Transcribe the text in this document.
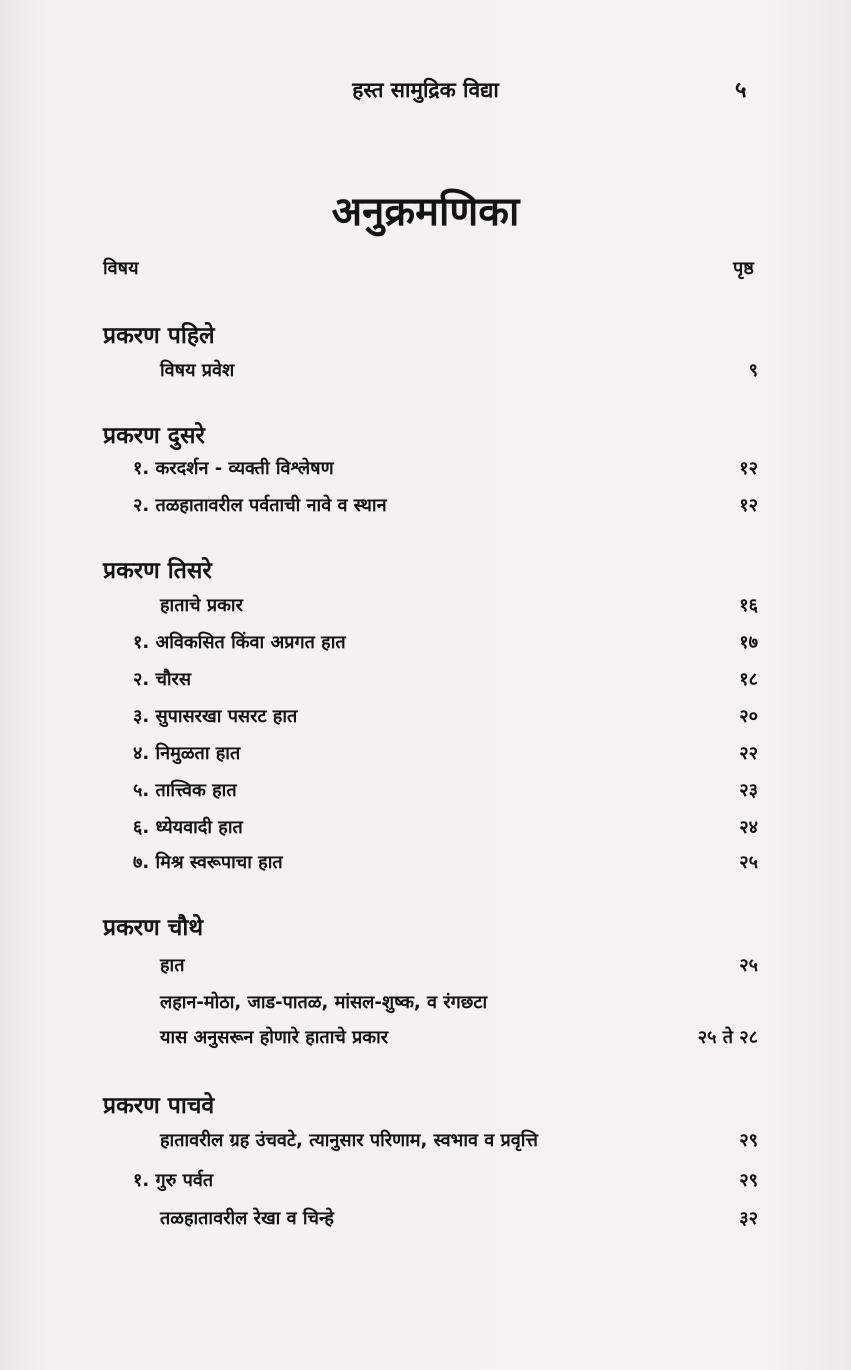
हस्त सामुद्रिक विद्या	५
अनुक्रमणिका
विषय	पृष्ठ
प्रकरण पहिले
विषय प्रवेश	९
प्रकरण दुसरे
१. करदर्शन - व्यक्ती विश्लेषण	१२
२. तळहातावरील पर्वताची नावे व स्थान	१२
प्रकरण तिसरे
हाताचे प्रकार	१६
१. अविकसित किंवा अप्रगत हात	१७
२. चौरस	१८
३. सुपासरखा पसरट हात	२०
४. निमुळता हात	२२
५. तात्त्विक हात	२३
६. ध्येयवादी हात	२४
७. मिश्र स्वरूपाचा हात	२५
प्रकरण चौथे
हात	२५
लहान-मोठा, जाड-पातळ, मांसल-शुष्क, व रंगछटा
यास अनुसरून होणारे हाताचे प्रकार	२५ ते २८
प्रकरण पाचवे
हातावरील ग्रह उंचवटे, त्यानुसार परिणाम, स्वभाव व प्रवृत्ति	२९
१. गुरु पर्वत	२९
तळहातावरील रेखा व चिन्हे	३२
